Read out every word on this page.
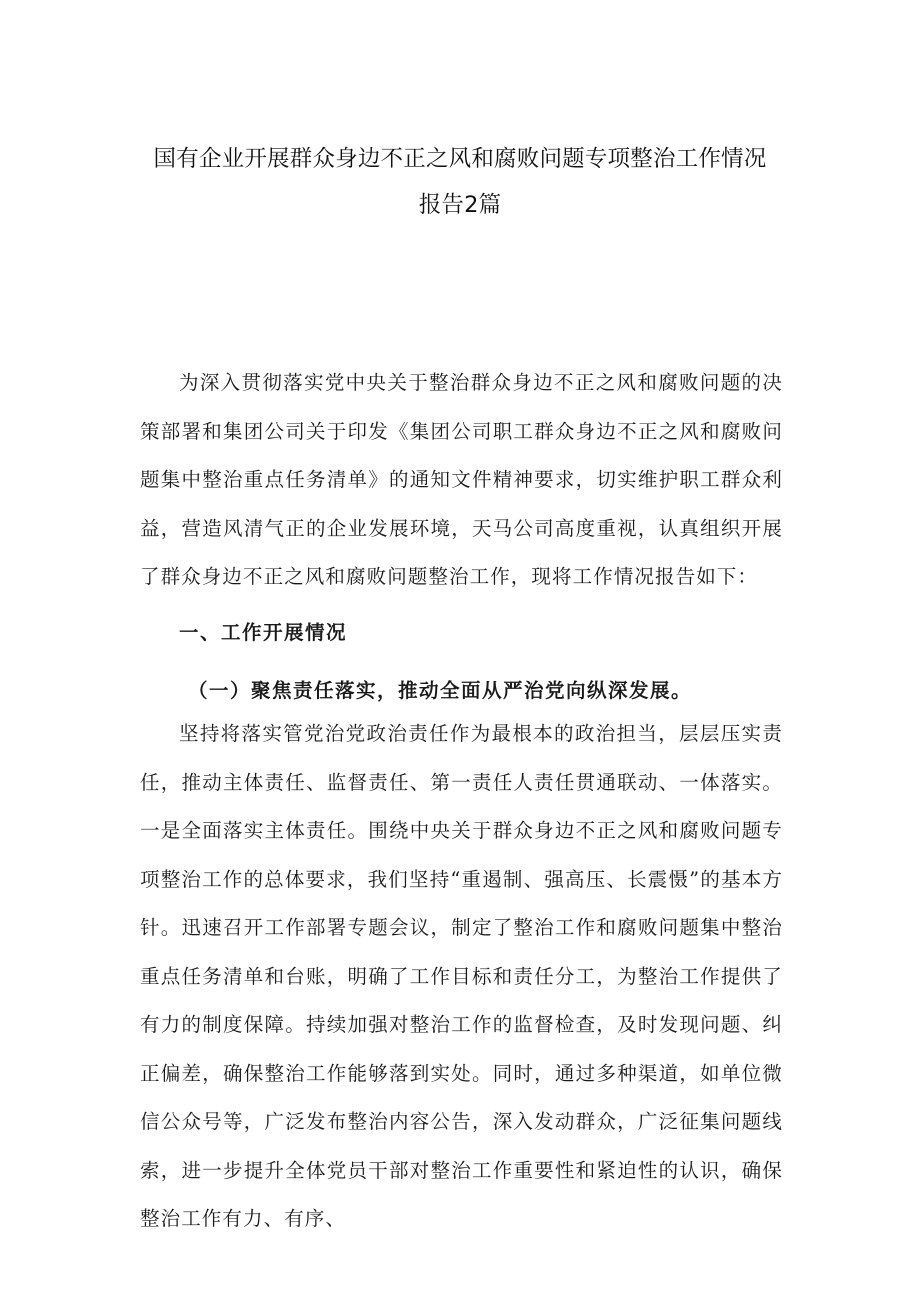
国有企业开展群众身边不正之风和腐败问题专项整治工作情况
报告2篇

为深入贯彻落实党中央关于整治群众身边不正之风和腐败问题的决策部署和集团公司关于印发《集团公司职工群众身边不正之风和腐败问题集中整治重点任务清单》的通知文件精神要求，切实维护职工群众利益，营造风清气正的企业发展环境，天马公司高度重视，认真组织开展了群众身边不正之风和腐败问题整治工作，现将工作情况报告如下：

一、工作开展情况
（一）聚焦责任落实，推动全面从严治党向纵深发展。

坚持将落实管党治党政治责任作为最根本的政治担当，层层压实责任，推动主体责任、监督责任、第一责任人责任贯通联动、一体落实。一是全面落实主体责任。围绕中央关于群众身边不正之风和腐败问题专项整治工作的总体要求，我们坚持“重遏制、强高压、长震慑”的基本方针。迅速召开工作部署专题会议，制定了整治工作和腐败问题集中整治重点任务清单和台账，明确了工作目标和责任分工，为整治工作提供了有力的制度保障。持续加强对整治工作的监督检查，及时发现问题、纠正偏差，确保整治工作能够落到实处。同时，通过多种渠道，如单位微信公众号等，广泛发布整治内容公告，深入发动群众，广泛征集问题线索，进一步提升全体党员干部对整治工作重要性和紧迫性的认识，确保整治工作有力、有序、
